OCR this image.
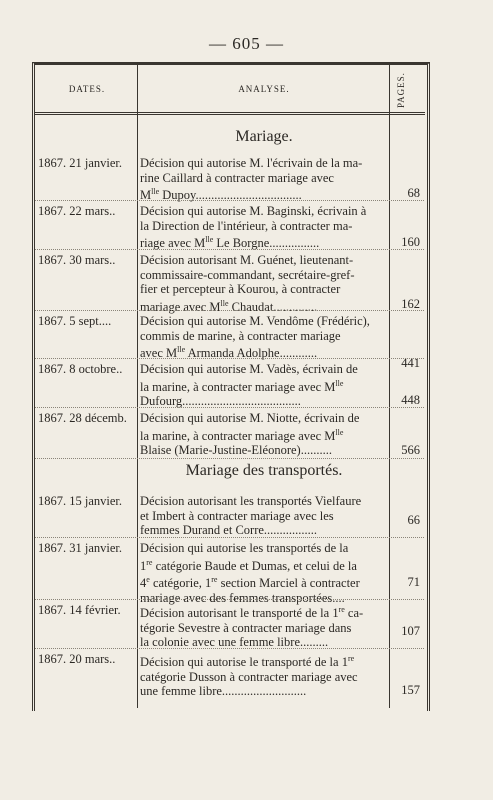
— 605 —
DATES.	ANALYSE.	PAGES.
Mariage.
1867. 21 janvier.	Décision qui autorise M. l'écrivain de la ma-
rine Caillard à contracter mariage avec
$M^{lle}$ Dupoy..................................	68
1867. 22 mars..	Décision qui autorise M. Baginski, écrivain à
la Direction de l'intérieur, à contracter ma-
riage avec $M^{lle}$ Le Borgne................	160
1867. 30 mars..	Décision autorisant M. Guénet, lieutenant-
commissaire-commandant, secrétaire-gref-
fier et percepteur à Kourou, à contracter
mariage avec $M^{lle}$ Chaudat..............	162
1867. 5 sept....	Décision qui autorise M. Vendôme (Frédéric),
commis de marine, à contracter mariage
avec $M^{lle}$ Armanda Adolphe............
441
1867. 8 octobre..	Décision qui autorise M. Vadès, écrivain de
la marine, à contracter mariage avec $M^{lle}$
Dufourg......................................	448
1867. 28 décemb.	Décision qui autorise M. Niotte, écrivain de
la marine, à contracter mariage avec $M^{lle}$
Blaise (Marie-Justine-Eléonore)..........	566
Mariage des transportés.
1867. 15 janvier.	Décision autorisant les transportés Vielfaure
et Imbert à contracter mariage avec les
femmes Durand et Corre.................
66
1867. 31 janvier.	Décision qui autorise les transportés de la
1re catégorie Baude et Dumas, et celui de la
4e catégorie, 1re section Marciel à contracter
mariage avec des femmes transportées....
71
1867. 14 février.	Décision autorisant le transporté de la 1re ca-
tégorie Sevestre à contracter mariage dans
la colonie avec une femme libre.........
107
1867. 20 mars..	Décision qui autorise le transporté de la 1re
catégorie Dusson à contracter mariage avec
une femme libre...........................	157
